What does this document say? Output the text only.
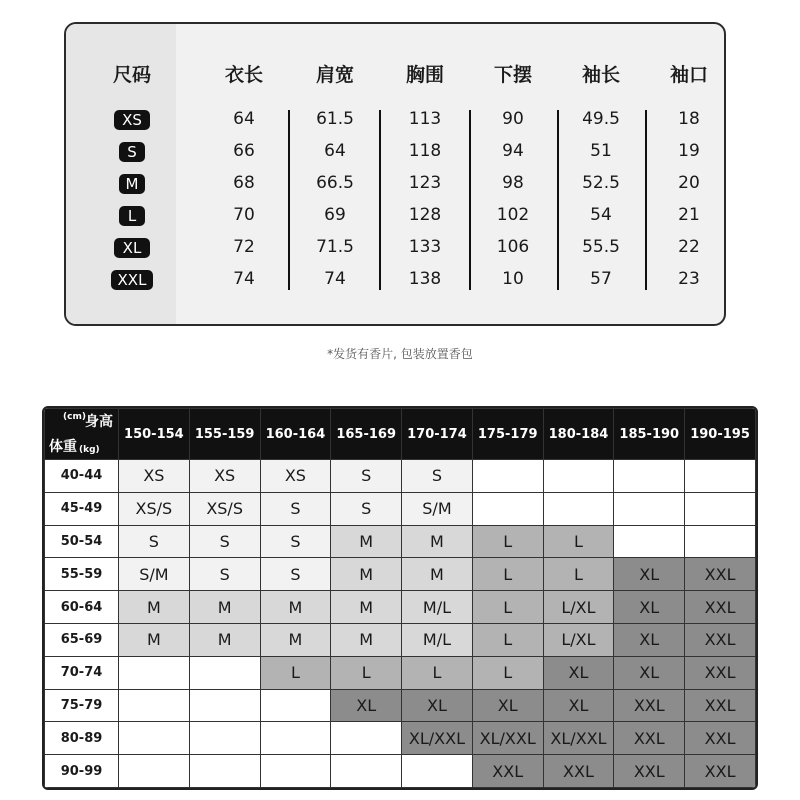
尺码	衣长	肩宽	胸围	下摆	袖长	袖口
XS	64	61.5	113	90	49.5	18
S	66	64	118	94	51	19
M	68	66.5	123	98	52.5	20
L	70	69	128	102	54	21
XL	72	71.5	133	106	55.5	22
XXL	74	74	138	10	57	23
*发货有香片, 包装放置香包
(cm) 身高
体重 (kg)	150-154	155-159	160-164	165-169	170-174	175-179	180-184	185-190	190-195
40-44	XS	XS	XS	S	S				
45-49	XS/S	XS/S	S	S	S/M				
50-54	S	S	S	M	M	L	L		
55-59	S/M	S	S	M	M	L	L	XL	XXL
60-64	M	M	M	M	M/L	L	L/XL	XL	XXL
65-69	M	M	M	M	M/L	L	L/XL	XL	XXL
70-74			L	L	L	L	XL	XL	XXL
75-79				XL	XL	XL	XL	XXL	XXL
80-89					XL/XXL	XL/XXL	XL/XXL	XXL	XXL
90-99						XXL	XXL	XXL	XXL
